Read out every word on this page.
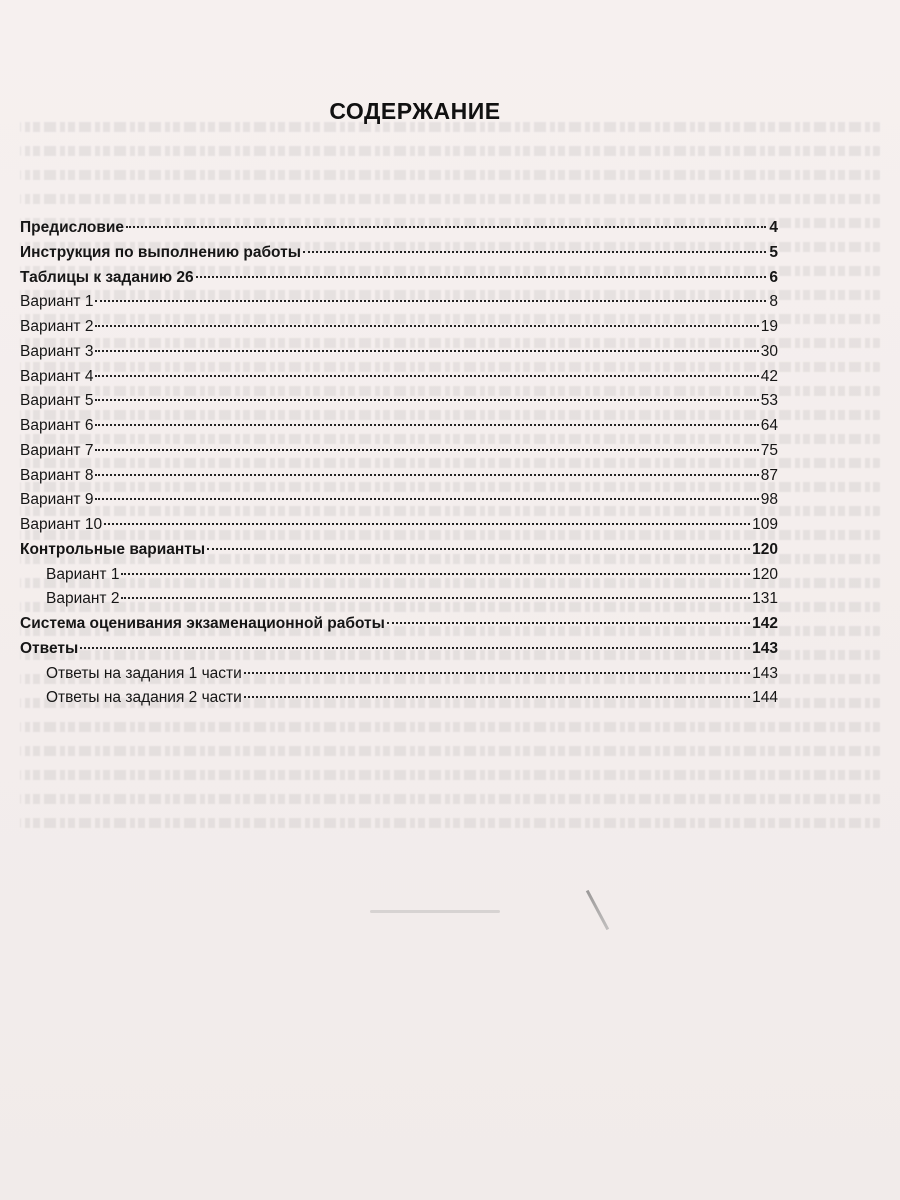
СОДЕРЖАНИЕ
Предисловие	4
Инструкция по выполнению работы	5
Таблицы к заданию 26	6
Вариант 1	8
Вариант 2	19
Вариант 3	30
Вариант 4	42
Вариант 5	53
Вариант 6	64
Вариант 7	75
Вариант 8	87
Вариант 9	98
Вариант 10	109
Контрольные варианты	120
Вариант 1	120
Вариант 2	131
Система оценивания экзаменационной работы	142
Ответы	143
Ответы на задания 1 части	143
Ответы на задания 2 части	144
